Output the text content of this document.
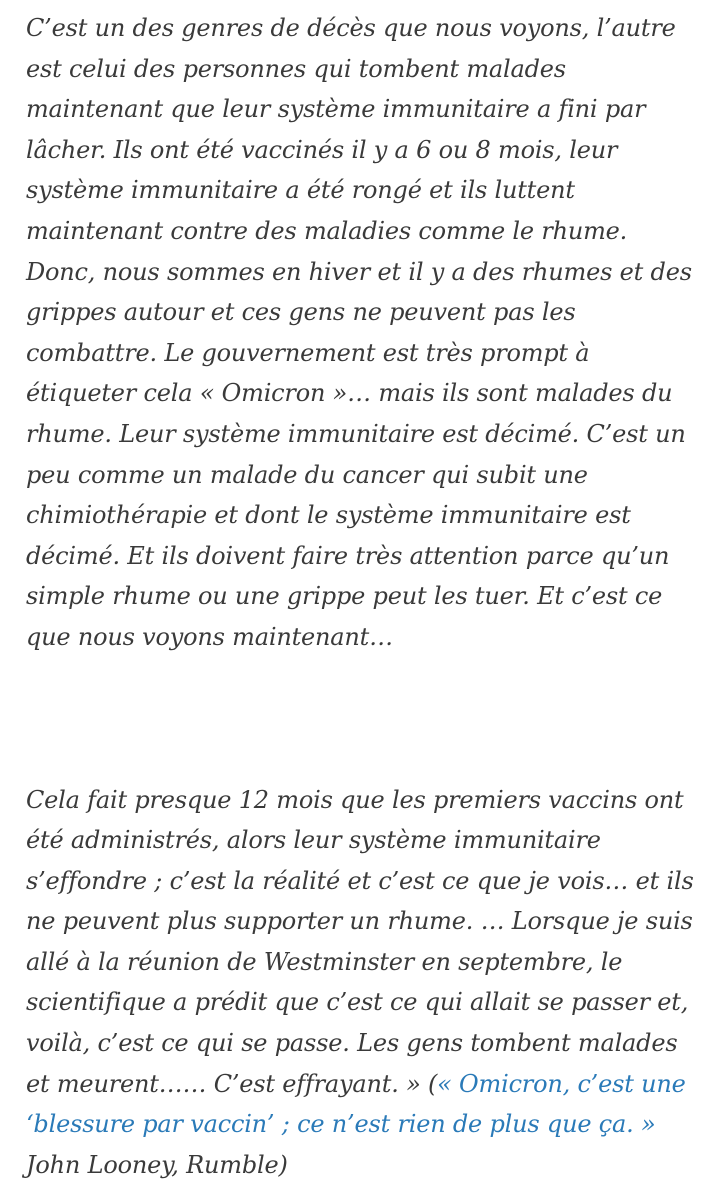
C’est un des genres de décès que nous voyons, l’autre est celui des personnes qui tombent malades maintenant que leur système immunitaire a fini par lâcher. Ils ont été vaccinés il y a 6 ou 8 mois, leur système immunitaire a été rongé et ils luttent maintenant contre des maladies comme le rhume. Donc, nous sommes en hiver et il y a des rhumes et des grippes autour et ces gens ne peuvent pas les combattre. Le gouvernement est très prompt à étiqueter cela « Omicron »… mais ils sont malades du rhume. Leur système immunitaire est décimé. C’est un peu comme un malade du cancer qui subit une chimiothérapie et dont le système immunitaire est décimé. Et ils doivent faire très attention parce qu’un simple rhume ou une grippe peut les tuer. Et c’est ce que nous voyons maintenant…

Cela fait presque 12 mois que les premiers vaccins ont été administrés, alors leur système immunitaire s’effondre ; c’est la réalité et c’est ce que je vois… et ils ne peuvent plus supporter un rhume. … Lorsque je suis allé à la réunion de Westminster en septembre, le scientifique a prédit que c’est ce qui allait se passer et, voilà, c’est ce qui se passe. Les gens tombent malades et meurent…… C’est effrayant. » (« Omicron, c’est une ‘blessure par vaccin’ ; ce n’est rien de plus que ça. » John Looney, Rumble)
